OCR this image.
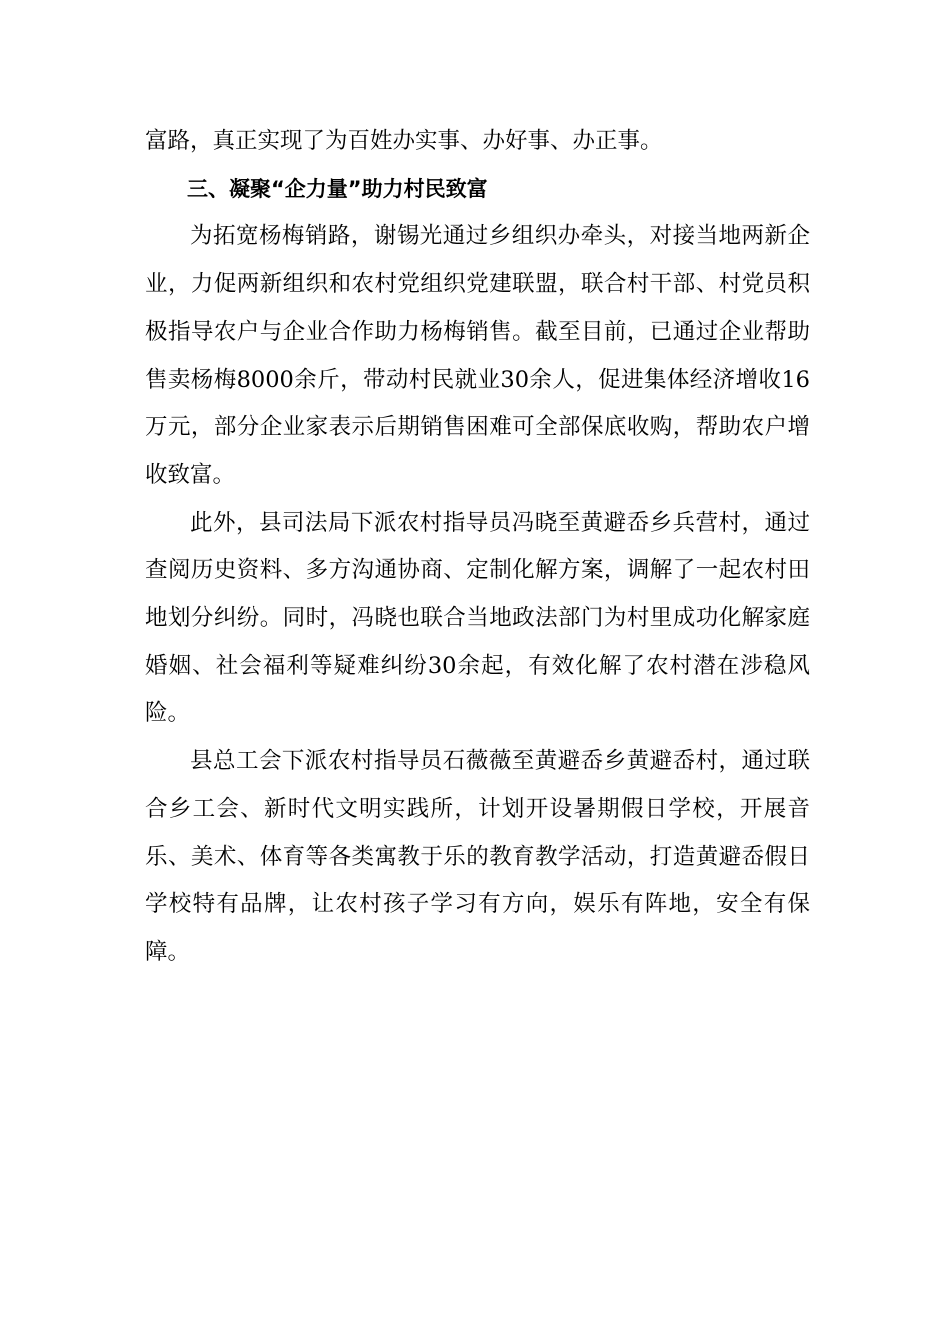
富路，真正实现了为百姓办实事、办好事、办正事。

三、凝聚“企力量”助力村民致富

为拓宽杨梅销路，谢锡光通过乡组织办牵头，对接当地两新企业，力促两新组织和农村党组织党建联盟，联合村干部、村党员积极指导农户与企业合作助力杨梅销售。截至目前，已通过企业帮助售卖杨梅8000余斤，带动村民就业30余人，促进集体经济增收16万元，部分企业家表示后期销售困难可全部保底收购，帮助农户增收致富。

此外，县司法局下派农村指导员冯晓至黄避岙乡兵营村，通过查阅历史资料、多方沟通协商、定制化解方案，调解了一起农村田地划分纠纷。同时，冯晓也联合当地政法部门为村里成功化解家庭婚姻、社会福利等疑难纠纷30余起，有效化解了农村潜在涉稳风险。

县总工会下派农村指导员石薇薇至黄避岙乡黄避岙村，通过联合乡工会、新时代文明实践所，计划开设暑期假日学校，开展音乐、美术、体育等各类寓教于乐的教育教学活动，打造黄避岙假日学校特有品牌，让农村孩子学习有方向，娱乐有阵地，安全有保障。
